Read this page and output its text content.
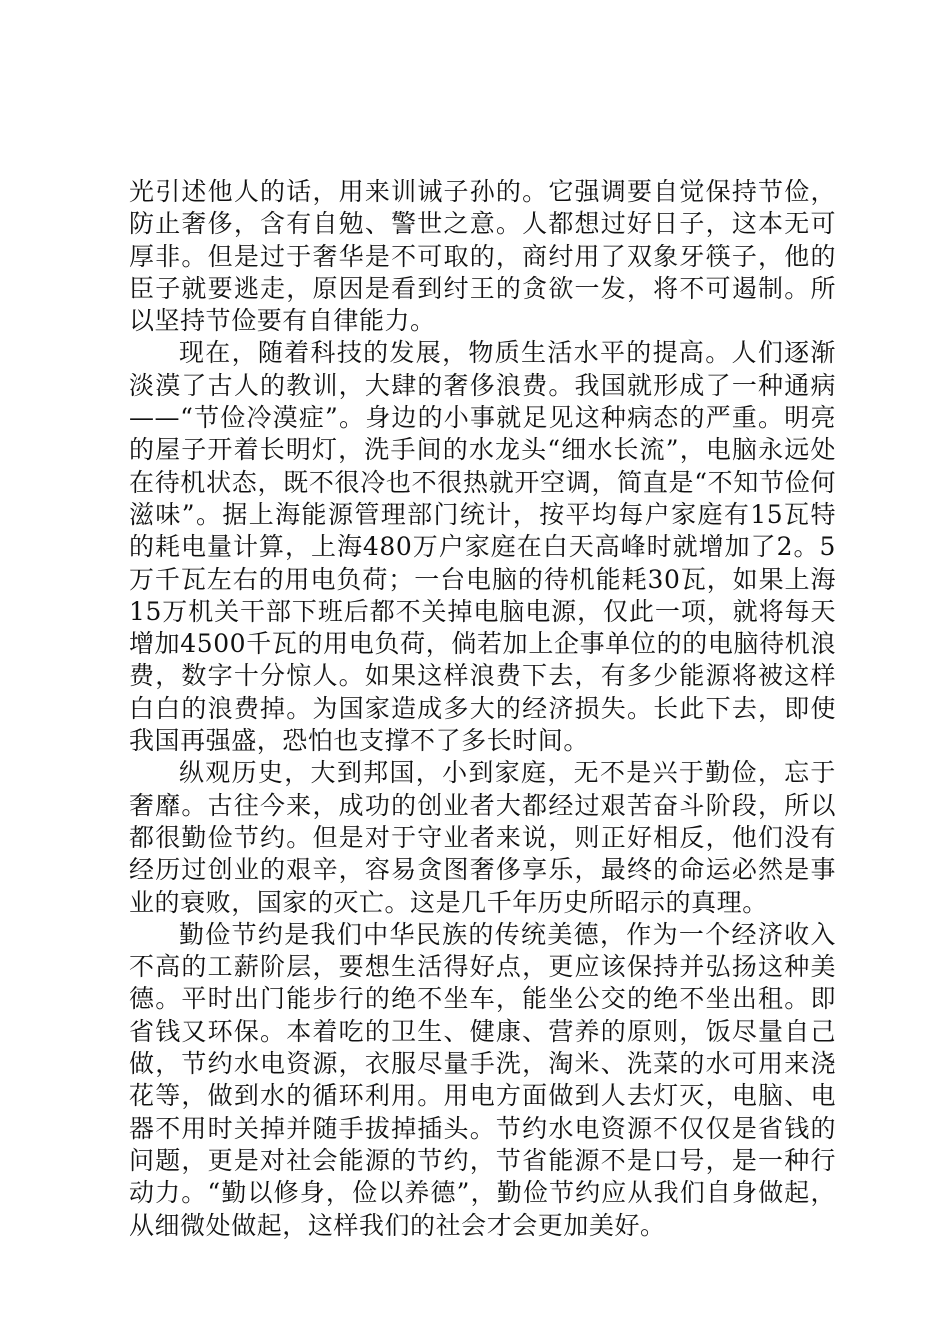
光引述他人的话，用来训诫子孙的。它强调要自觉保持节俭，防止奢侈，含有自勉、警世之意。人都想过好日子，这本无可厚非。但是过于奢华是不可取的，商纣用了双象牙筷子，他的臣子就要逃走，原因是看到纣王的贪欲一发，将不可遏制。所以坚持节俭要有自律能力。

现在，随着科技的发展，物质生活水平的提高。人们逐渐淡漠了古人的教训，大肆的奢侈浪费。我国就形成了一种通病——“节俭冷漠症”。身边的小事就足见这种病态的严重。明亮的屋子开着长明灯，洗手间的水龙头“细水长流”，电脑永远处在待机状态，既不很冷也不很热就开空调，简直是“不知节俭何滋味”。据上海能源管理部门统计，按平均每户家庭有15瓦特的耗电量计算，上海480万户家庭在白天高峰时就增加了2。5万千瓦左右的用电负荷；一台电脑的待机能耗30瓦，如果上海15万机关干部下班后都不关掉电脑电源，仅此一项，就将每天增加4500千瓦的用电负荷，倘若加上企事单位的的电脑待机浪费，数字十分惊人。如果这样浪费下去，有多少能源将被这样白白的浪费掉。为国家造成多大的经济损失。长此下去，即使我国再强盛，恐怕也支撑不了多长时间。

纵观历史，大到邦国，小到家庭，无不是兴于勤俭，忘于奢靡。古往今来，成功的创业者大都经过艰苦奋斗阶段，所以都很勤俭节约。但是对于守业者来说，则正好相反，他们没有经历过创业的艰辛，容易贪图奢侈享乐，最终的命运必然是事业的衰败，国家的灭亡。这是几千年历史所昭示的真理。

勤俭节约是我们中华民族的传统美德，作为一个经济收入不高的工薪阶层，要想生活得好点，更应该保持并弘扬这种美德。平时出门能步行的绝不坐车，能坐公交的绝不坐出租。即省钱又环保。本着吃的卫生、健康、营养的原则，饭尽量自己做，节约水电资源，衣服尽量手洗，淘米、洗菜的水可用来浇花等，做到水的循环利用。用电方面做到人去灯灭，电脑、电器不用时关掉并随手拔掉插头。节约水电资源不仅仅是省钱的问题，更是对社会能源的节约，节省能源不是口号，是一种行动力。“勤以修身，俭以养德”，勤俭节约应从我们自身做起，从细微处做起，这样我们的社会才会更加美好。
